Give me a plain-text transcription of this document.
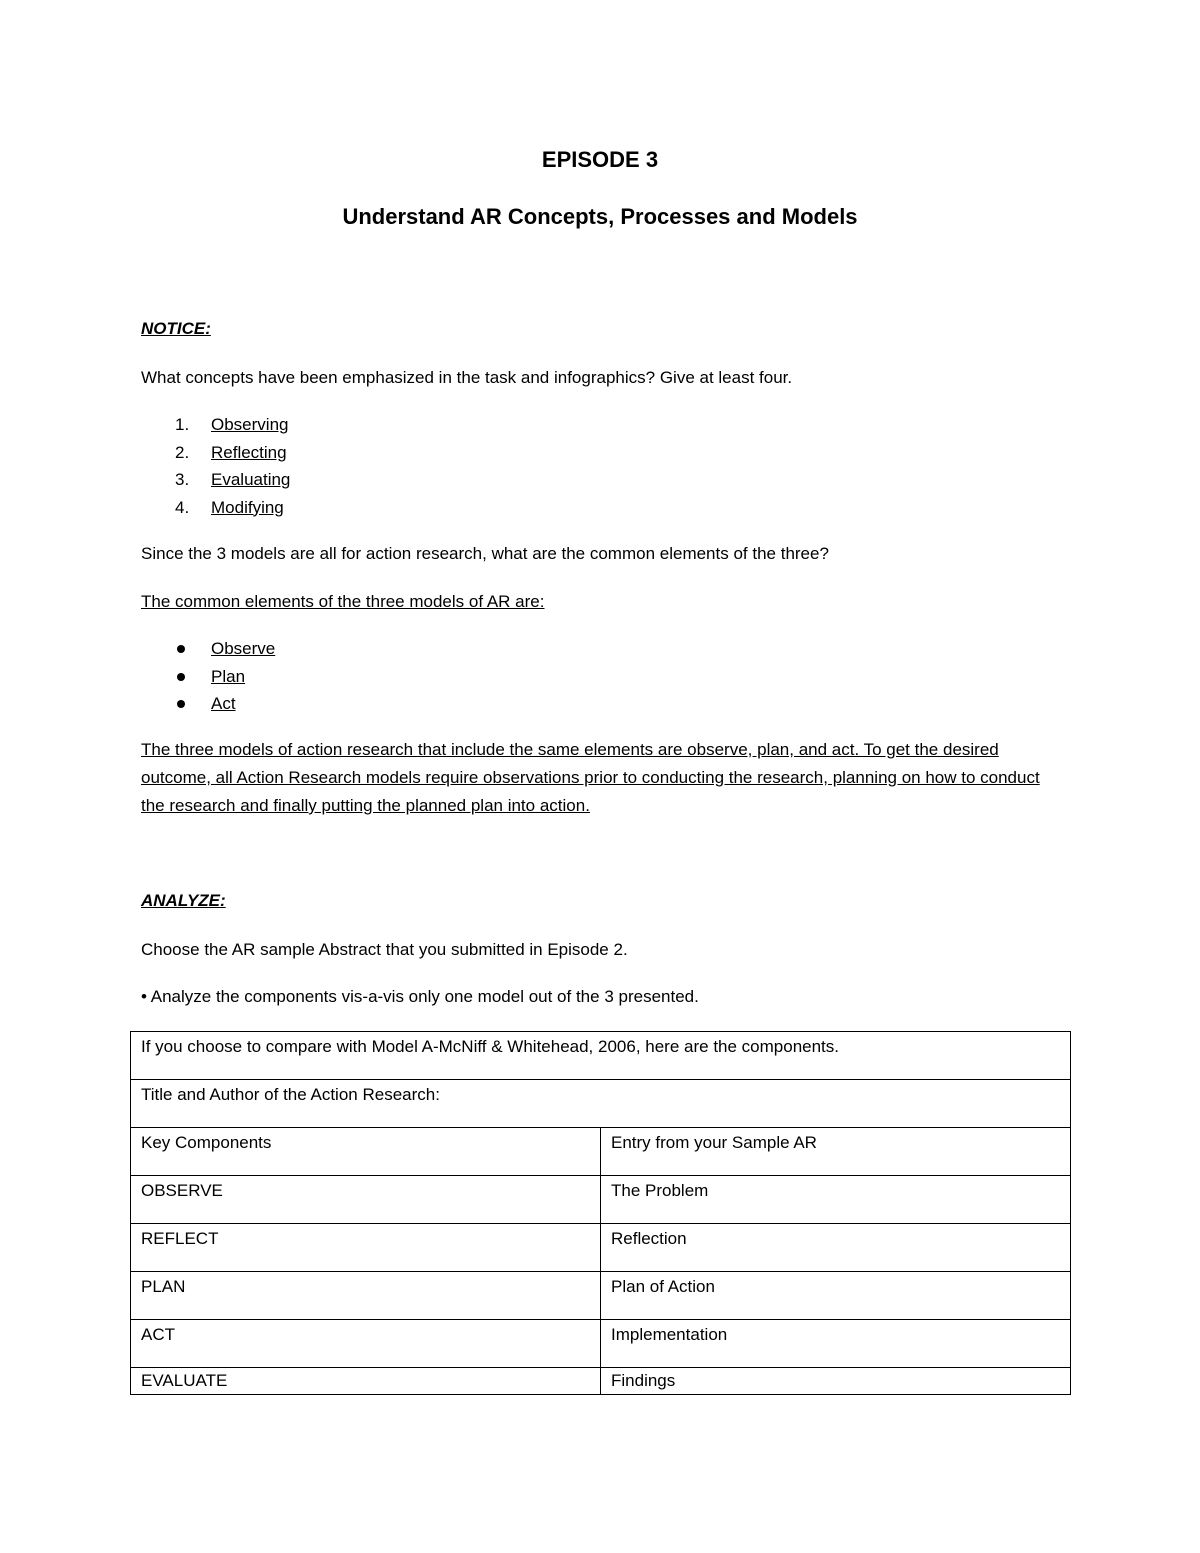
EPISODE 3
Understand AR Concepts, Processes and Models
NOTICE:
What concepts have been emphasized in the task and infographics? Give at least four.
1.	Observing
2.	Reflecting
3.	Evaluating
4.	Modifying
Since the 3 models are all for action research, what are the common elements of the three?
The common elements of the three models of AR are:
Observe
Plan
Act
The three models of action research that include the same elements are observe, plan, and act. To get the desired outcome, all Action Research models require observations prior to conducting the research, planning on how to conduct the research and finally putting the planned plan into action.
ANALYZE:
Choose the AR sample Abstract that you submitted in Episode 2.
• Analyze the components vis-a-vis only one model out of the 3 presented.
If you choose to compare with Model A-McNiff & Whitehead, 2006, here are the components.	
Title and Author of the Action Research:	
Key Components	Entry from your Sample AR
OBSERVE	The Problem
REFLECT	Reflection
PLAN	Plan of Action
ACT	Implementation
EVALUATE	Findings
